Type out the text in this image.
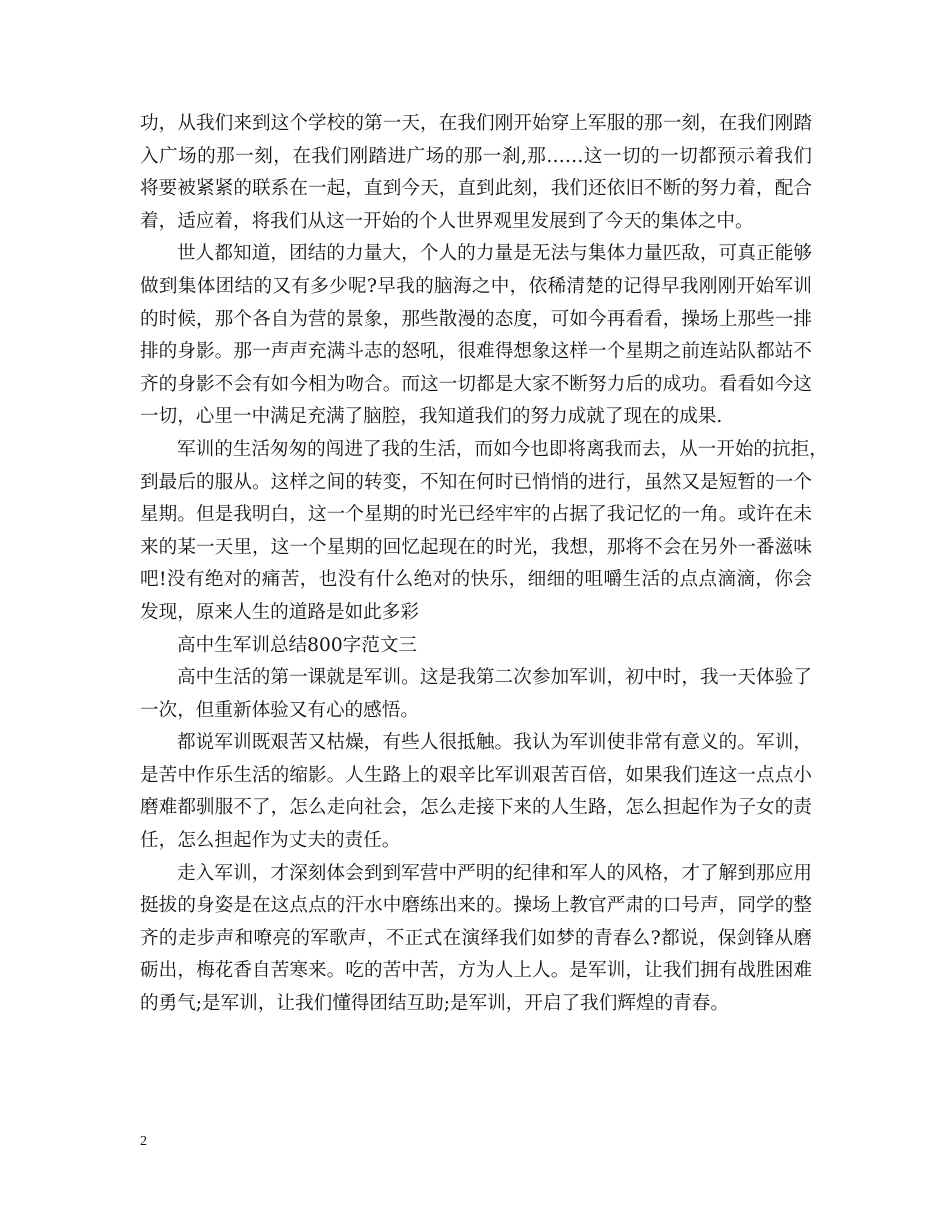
功，从我们来到这个学校的第一天，在我们刚开始穿上军服的那一刻，在我们刚踏
入广场的那一刻，在我们刚踏进广场的那一刹,那……这一切的一切都预示着我们
将要被紧紧的联系在一起，直到今天，直到此刻，我们还依旧不断的努力着，配合
着，适应着，将我们从这一开始的个人世界观里发展到了今天的集体之中。
世人都知道，团结的力量大，个人的力量是无法与集体力量匹敌，可真正能够
做到集体团结的又有多少呢?早我的脑海之中，依稀清楚的记得早我刚刚开始军训
的时候，那个各自为营的景象，那些散漫的态度，可如今再看看，操场上那些一排
排的身影。那一声声充满斗志的怒吼，很难得想象这样一个星期之前连站队都站不
齐的身影不会有如今相为吻合。而这一切都是大家不断努力后的成功。看看如今这
一切，心里一中满足充满了脑腔，我知道我们的努力成就了现在的成果.
军训的生活匆匆的闯进了我的生活，而如今也即将离我而去，从一开始的抗拒，
到最后的服从。这样之间的转变，不知在何时已悄悄的进行，虽然又是短暂的一个
星期。但是我明白，这一个星期的时光已经牢牢的占据了我记忆的一角。或许在未
来的某一天里，这一个星期的回忆起现在的时光，我想，那将不会在另外一番滋味
吧!没有绝对的痛苦，也没有什么绝对的快乐，细细的咀嚼生活的点点滴滴，你会
发现，原来人生的道路是如此多彩
高中生军训总结800字范文三
高中生活的第一课就是军训。这是我第二次参加军训，初中时，我一天体验了
一次，但重新体验又有心的感悟。
都说军训既艰苦又枯燥，有些人很抵触。我认为军训使非常有意义的。军训，
是苦中作乐生活的缩影。人生路上的艰辛比军训艰苦百倍，如果我们连这一点点小
磨难都驯服不了，怎么走向社会，怎么走接下来的人生路，怎么担起作为子女的责
任，怎么担起作为丈夫的责任。
走入军训，才深刻体会到到军营中严明的纪律和军人的风格，才了解到那应用
挺拔的身姿是在这点点的汗水中磨练出来的。操场上教官严肃的口号声，同学的整
齐的走步声和嘹亮的军歌声，不正式在演绎我们如梦的青春么?都说，保剑锋从磨
砺出，梅花香自苦寒来。吃的苦中苦，方为人上人。是军训，让我们拥有战胜困难
的勇气;是军训，让我们懂得团结互助;是军训，开启了我们辉煌的青春。
2
